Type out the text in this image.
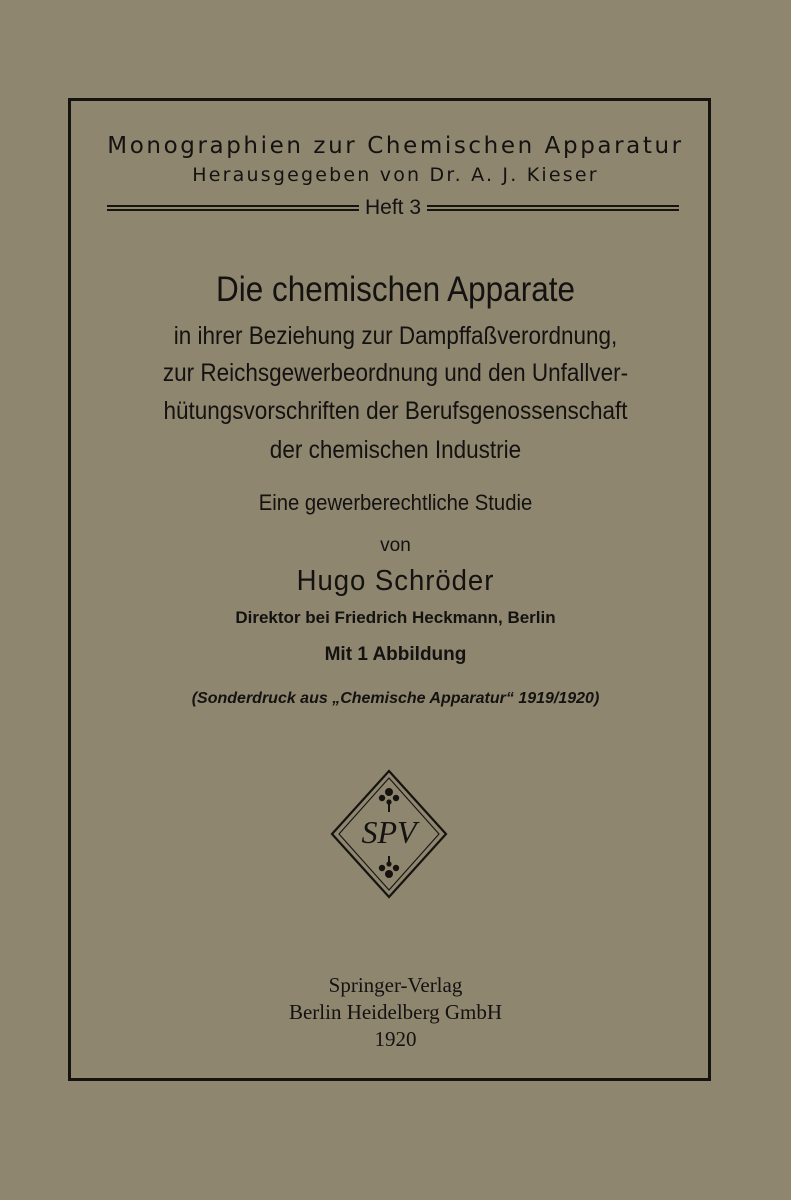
Monographien zur Chemischen Apparatur
Herausgegeben von Dr. A. J. Kieser
Heft 3
Die chemischen Apparate
in ihrer Beziehung zur Dampffaßverordnung,
zur Reichsgewerbeordnung und den Unfallver-
hütungsvorschriften der Berufsgenossenschaft
der chemischen Industrie
Eine gewerberechtliche Studie
von
Hugo Schröder
Direktor bei Friedrich Heckmann, Berlin
Mit 1 Abbildung
(Sonderdruck aus „Chemische Apparatur“ 1919/1920)
SPV
Springer-Verlag
Berlin Heidelberg GmbH
1920
